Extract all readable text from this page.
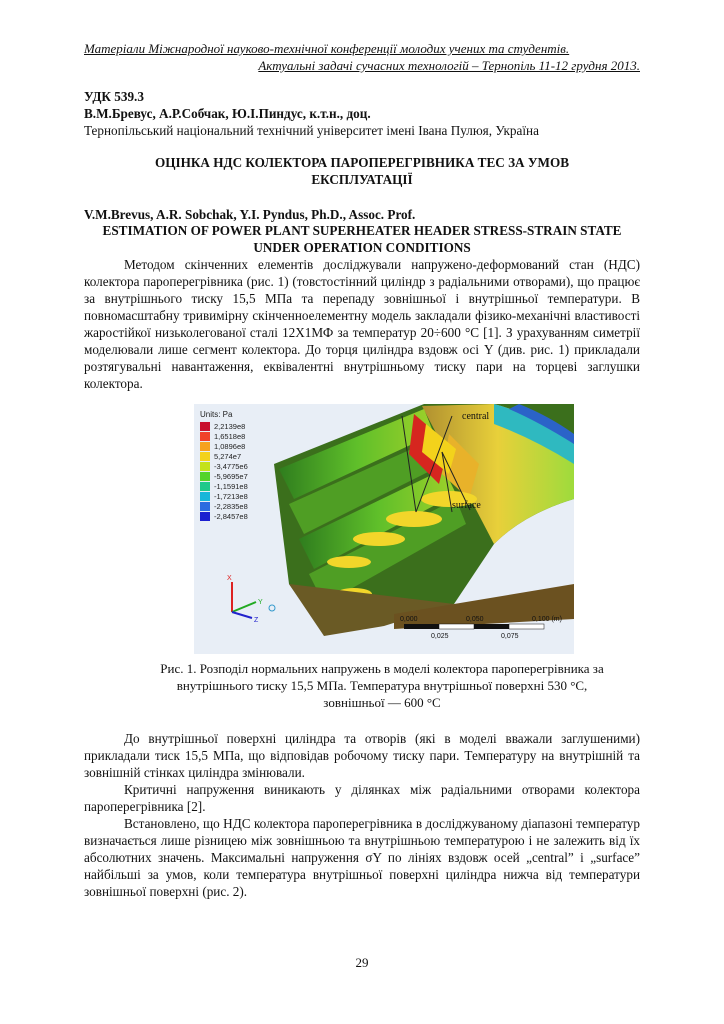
Матеріали Міжнародної науково-технічної конференції молодих учених та студентів.
Актуальні задачі сучасних технологій – Тернопіль 11-12 грудня 2013.
УДК 539.3
В.М.Бревус, А.Р.Собчак, Ю.І.Пиндус, к.т.н., доц.
Тернопільський національний технічний університет імені Івана Пулюя, Україна
ОЦІНКА НДС КОЛЕКТОРА ПАРОПЕРЕГРІВНИКА ТЕС ЗА УМОВ ЕКСПЛУАТАЦІЇ
V.M.Brevus, A.R. Sobchak, Y.I. Pyndus, Ph.D., Assoc. Prof.
ESTIMATION OF POWER PLANT SUPERHEATER HEADER STRESS-STRAIN STATE UNDER OPERATION CONDITIONS
Методом скінченних елементів досліджували напружено-деформований стан (НДС) колектора пароперегрівника (рис. 1) (товстостінний циліндр з радіальними отворами), що працює за внутрішнього тиску 15,5 МПа та перепаду зовнішньої і внутрішньої температури. В повномасштабну тривимірну скінченноелементну модель закладали фізико-механічні властивості жаростійкої низьколегованої сталі 12Х1МФ за температур 20÷600 °С [1]. З урахуванням симетрії моделювали лише сегмент колектора. До торця циліндра вздовж осі Y (див. рис. 1) прикладали розтягувальні навантаження, еквівалентні внутрішньому тиску пари на торцеві заглушки колектора.
central
surface
X
Y
Z	0,000	0,050	0,100 (m)
0,025	0,075
Units: Pa
2,2139e8
1,6518e8
1,0896e8
5,274e7
-3,4775e6
-5,9695e7
-1,1591e8
-1,7213e8
-2,2835e8
-2,8457e8
Рис. 1. Розподіл нормальних напружень в моделі колектора пароперегрівника за
внутрішнього тиску 15,5 МПа. Температура внутрішньої поверхні 530 °С,
зовнішньої — 600 °С
До внутрішньої поверхні циліндра та отворів (які в моделі вважали заглушеними) прикладали тиск 15,5 МПа, що відповідав робочому тиску пари. Температуру на внутрішній та зовнішній стінках циліндра змінювали.
Критичні напруження виникають у ділянках між радіальними отворами колектора пароперегрівника [2].
Встановлено, що НДС колектора пароперегрівника в досліджуваному діапазоні температур визначається лише різницею між зовнішньою та внутрішньою температурою і не залежить від їх абсолютних значень. Максимальні напруження σY по лініях вздовж осей „central” і „surface” найбільші за умов, коли температура внутрішньої поверхні циліндра нижча від температури зовнішньої поверхні (рис. 2).
29
